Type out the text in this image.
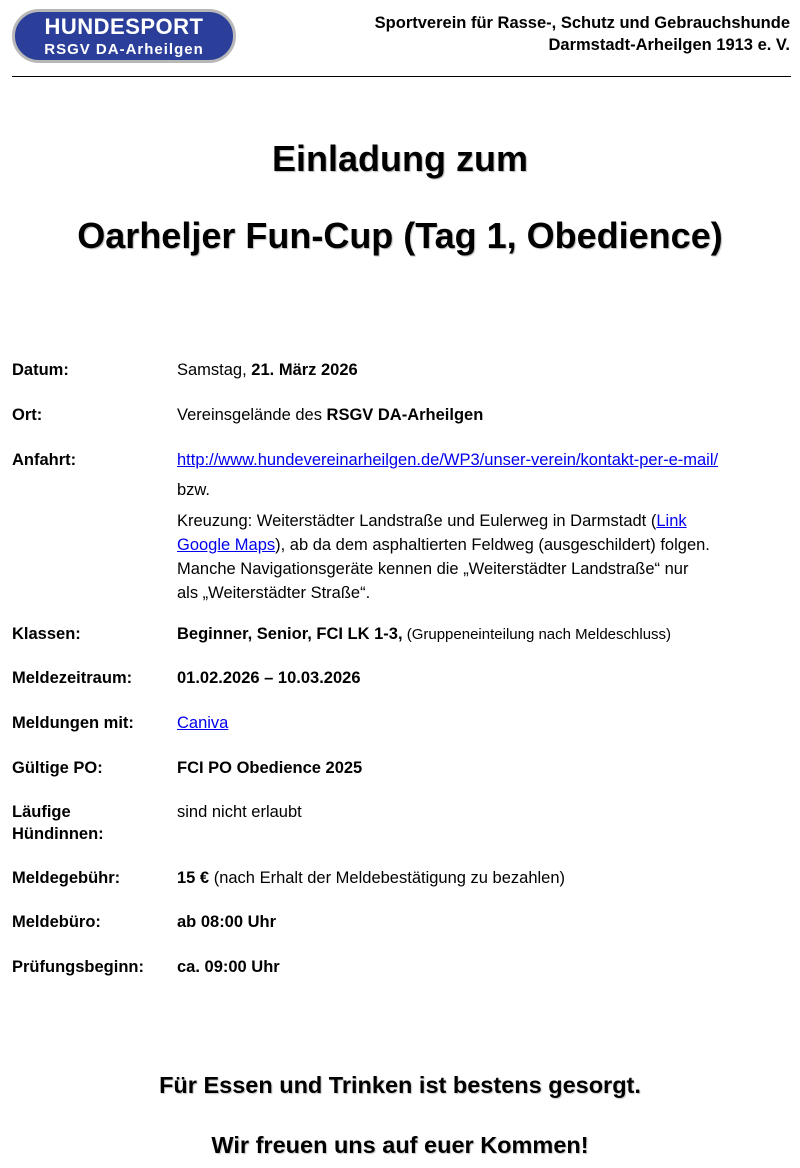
HUNDESPORT
RSGV DA-Arheilgen
Sportverein für Rasse-, Schutz und Gebrauchshunde
Darmstadt-Arheilgen 1913 e. V.
Einladung zum
Oarheljer Fun-Cup (Tag 1, Obedience)
Datum:	Samstag, 21. März 2026
Ort:	Vereinsgelände des RSGV DA-Arheilgen
Anfahrt:	http://www.hundevereinarheilgen.de/WP3/unser-verein/kontakt-per-e-mail/
bzw.
Kreuzung: Weiterstädter Landstraße und Eulerweg in Darmstadt (Link
Google Maps), ab da dem asphaltierten Feldweg (ausgeschildert) folgen.
Manche Navigationsgeräte kennen die „Weiterstädter Landstraße“ nur
als „Weiterstädter Straße“.
Klassen:	Beginner, Senior, FCI LK 1-3, (Gruppeneinteilung nach Meldeschluss)
Meldezeitraum:	01.02.2026 – 10.03.2026
Meldungen mit:	Caniva
Gültige PO:	FCI PO Obedience 2025
Läufige
Hündinnen:
sind nicht erlaubt
Meldegebühr:	15 € (nach Erhalt der Meldebestätigung zu bezahlen)
Meldebüro:	ab 08:00 Uhr
Prüfungsbeginn:	ca. 09:00 Uhr
Für Essen und Trinken ist bestens gesorgt.
Wir freuen uns auf euer Kommen!
